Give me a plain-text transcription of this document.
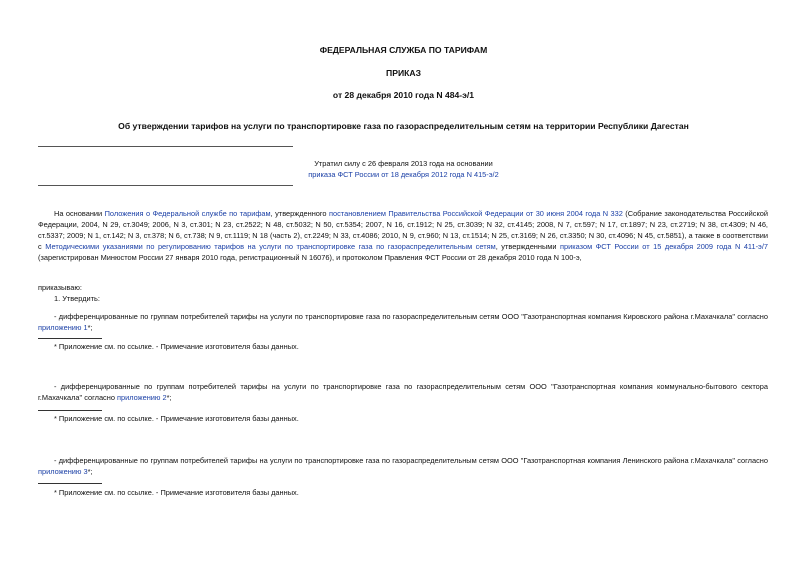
ФЕДЕРАЛЬНАЯ СЛУЖБА ПО ТАРИФАМ
ПРИКАЗ
от 28 декабря 2010 года N 484-э/1
Об утверждении тарифов на услуги по транспортировке газа по газораспределительным сетям на территории Республики Дагестан
Утратил силу с 26 февраля 2013 года на основании
приказа ФСТ России от 18 декабря 2012 года N 415-э/2
На основании Положения о Федеральной службе по тарифам, утвержденного постановлением Правительства Российской Федерации от 30 июня 2004 года N 332 (Собрание законодательства Российской Федерации, 2004, N 29, ст.3049; 2006, N 3, ст.301; N 23, ст.2522; N 48, ст.5032; N 50, ст.5354; 2007, N 16, ст.1912; N 25, ст.3039; N 32, ст.4145; 2008, N 7, ст.597; N 17, ст.1897; N 23, ст.2719; N 38, ст.4309; N 46, ст.5337; 2009; N 1, ст.142; N 3, ст.378; N 6, ст.738; N 9, ст.1119; N 18 (часть 2), ст.2249; N 33, ст.4086; 2010, N 9, ст.960; N 13, ст.1514; N 25, ст.3169; N 26, ст.3350; N 30, ст.4096; N 45, ст.5851), а также в соответствии с Методическими указаниями по регулированию тарифов на услуги по транспортировке газа по газораспределительным сетям, утвержденными приказом ФСТ России от 15 декабря 2009 года N 411-э/7 (зарегистрирован Минюстом России 27 января 2010 года, регистрационный N 16076), и протоколом Правления ФСТ России от 28 декабря 2010 года N 100-э,
приказываю:
1. Утвердить:
- дифференцированные по группам потребителей тарифы на услуги по транспортировке газа по газораспределительным сетям ООО "Газотранспортная компания Кировского района г.Махачкала" согласно приложению 1*;
* Приложение см. по ссылке. - Примечание изготовителя базы данных.
- дифференцированные по группам потребителей тарифы на услуги по транспортировке газа по газораспределительным сетям ООО "Газотранспортная компания коммунально-бытового сектора г.Махачкала" согласно приложению 2*;
* Приложение см. по ссылке. - Примечание изготовителя базы данных.
- дифференцированные по группам потребителей тарифы на услуги по транспортировке газа по газораспределительным сетям ООО "Газотранспортная компания Ленинского района г.Махачкала" согласно приложению 3*;
* Приложение см. по ссылке. - Примечание изготовителя базы данных.
